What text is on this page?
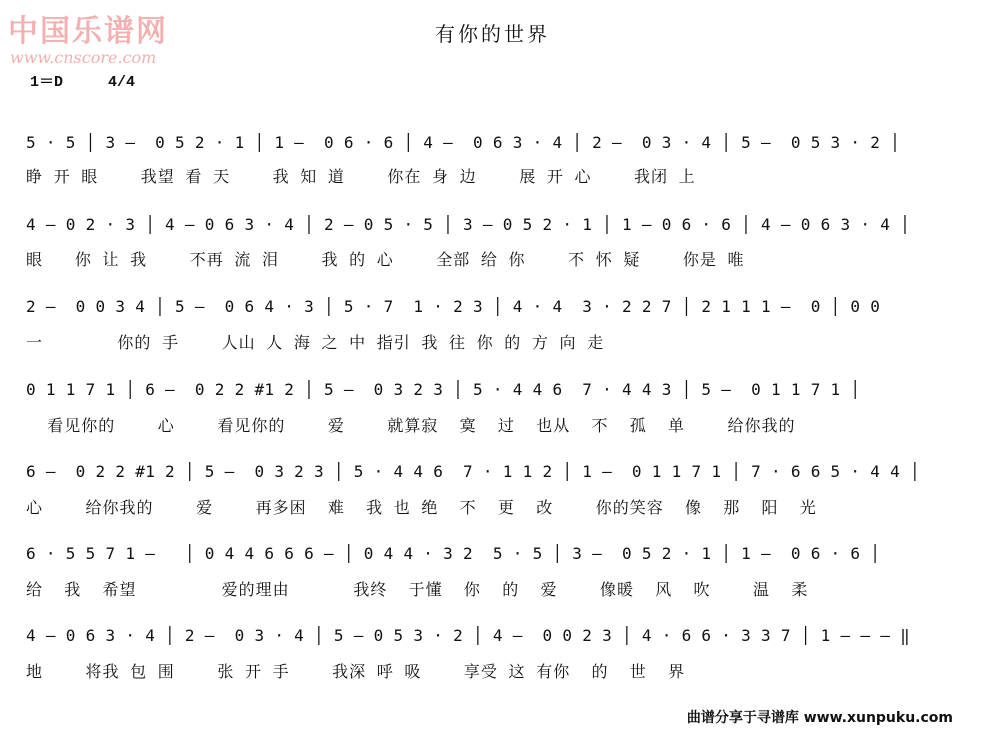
中国乐谱网
www.cnscore.com
有你的世界
1＝D     4/4
5 · 5 │ 3 –  0 5 2 · 1 │ 1 –  0 6 · 6 │ 4 –  0 6 3 · 4 │ 2 –  0 3 · 4 │ 5 –  0 5 3 · 2 │
睁 开 眼    我望 看 天    我 知 道    你在 身 边    展 开 心    我闭 上
4 – 0 2 · 3 │ 4 – 0 6 3 · 4 │ 2 – 0 5 · 5 │ 3 – 0 5 2 · 1 │ 1 – 0 6 · 6 │ 4 – 0 6 3 · 4 │
眼   你 让 我    不再 流 泪    我 的 心    全部 给 你    不 怀 疑    你是 唯
2 –  0 0 3 4 │ 5 –  0 6 4 · 3 │ 5 · 7  1 · 2 3 │ 4 · 4  3 · 2 2 7 │ 2 1 1 1 –  0 │ 0 0
一       你的 手    人山 人 海 之 中 指引 我 往 你 的 方 向 走
0 1 1 7 1 │ 6 –  0 2 2 #1 2 │ 5 –  0 3 2 3 │ 5 · 4 4 6  7 · 4 4 3 │ 5 –  0 1 1 7 1 │
看见你的    心    看见你的    爱    就算寂  寞  过  也从  不  孤  单    给你我的
6 –  0 2 2 #1 2 │ 5 –  0 3 2 3 │ 5 · 4 4 6  7 · 1 1 2 │ 1 –  0 1 1 7 1 │ 7 · 6 6 5 · 4 4 │
心    给你我的    爱    再多困  难  我 也 绝  不  更  改    你的笑容  像  那  阳  光
6 · 5 5 7 1 –   │ 0 4 4 6 6 6 – │ 0 4 4 · 3 2  5 · 5 │ 3 –  0 5 2 · 1 │ 1 –  0 6 · 6 │
给  我  希望        爱的理由      我终  于懂  你  的  爱    像暖  风  吹    温  柔
4 – 0 6 3 · 4 │ 2 –  0 3 · 4 │ 5 – 0 5 3 · 2 │ 4 –  0 0 2 3 │ 4 · 6 6 · 3 3 7 │ 1 – – – ‖
地    将我 包 围    张 开 手    我深 呼 吸    享受 这 有你  的  世  界
曲谱分享于寻谱库 www.xunpuku.com
